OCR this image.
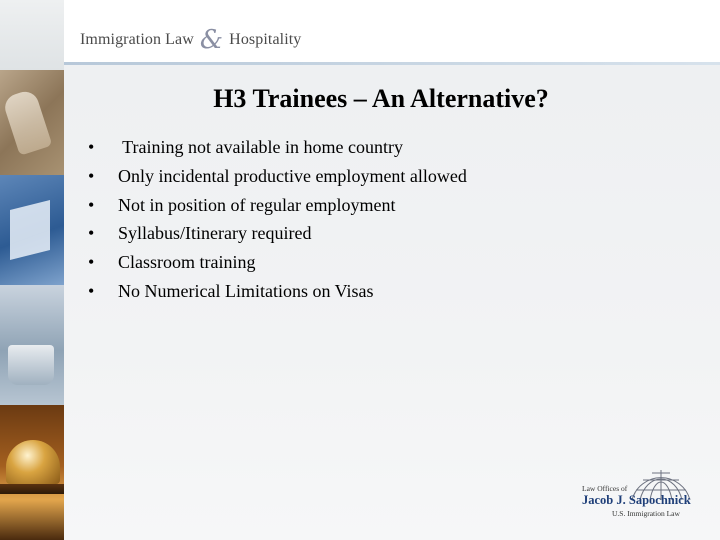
Immigration Law & Hospitality
H3 Trainees – An Alternative?
•	Training not available in home country
•	Only incidental productive employment allowed
•	Not in position of regular employment
•	Syllabus/Itinerary required
•	Classroom training
•	No Numerical Limitations on Visas
Law Offices of
Jacob J. Sapochnick
U.S. Immigration Law
